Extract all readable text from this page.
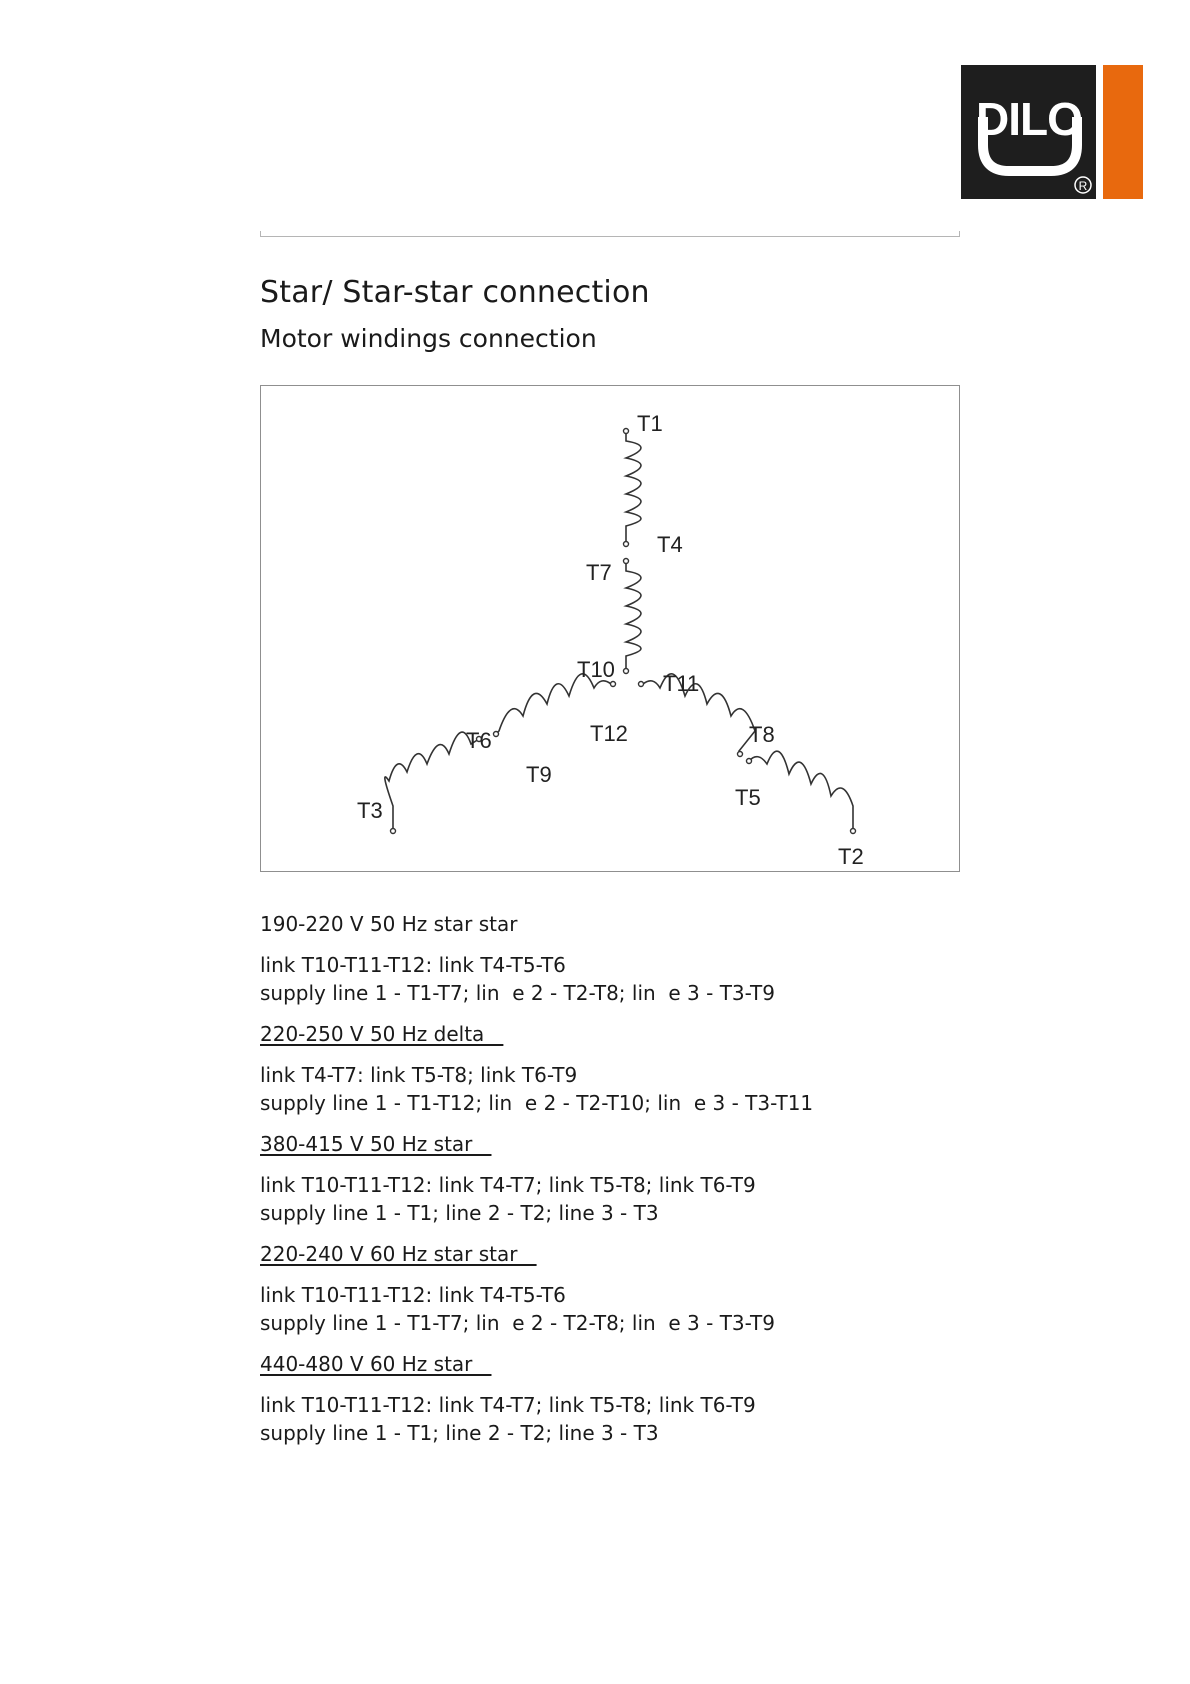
DILO
R
Star/ Star-star connection
Motor windings connection
T1
T4
T7
T10
T11
T8
T5
T2
T12
T9
T6
T3
190-220 V 50 Hz star star
link T10-T11-T12: link T4-T5-T6
supply line 1 - T1-T7; lin  e 2 - T2-T8; lin  e 3 - T3-T9
220-250 V 50 Hz delta
link T4-T7: link T5-T8; link T6-T9
supply line 1 - T1-T12; lin  e 2 - T2-T10; lin  e 3 - T3-T11
380-415 V 50 Hz star
link T10-T11-T12: link T4-T7; link T5-T8; link T6-T9
supply line 1 - T1; line 2 - T2; line 3 - T3
220-240 V 60 Hz star star
link T10-T11-T12: link T4-T5-T6
supply line 1 - T1-T7; lin  e 2 - T2-T8; lin  e 3 - T3-T9
440-480 V 60 Hz star
link T10-T11-T12: link T4-T7; link T5-T8; link T6-T9
supply line 1 - T1; line 2 - T2; line 3 - T3
